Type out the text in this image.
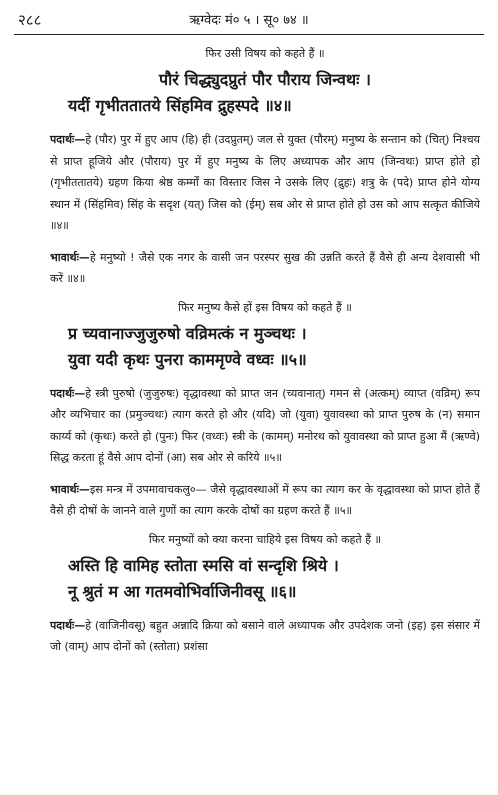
२८८	ऋग्वेदः मं० ५ । सू० ७४ ॥
फिर उसी विषय को कहते हैं ॥

पौरं चिद्ध्युदप्रुतं पौर पौराय जिन्वथः ।

यदीं गृभीततातये सिंहमिव द्रुहस्पदे ॥४॥

पदार्थः—हे (पौर) पुर में हुए आप (हि) ही (उदप्रुतम्) जल से युक्त (पौरम्) मनुष्य के सन्तान को (चित्) निश्चय से प्राप्त हूजिये और (पौराय) पुर में हुए मनुष्य के लिए अध्यापक और आप (जिन्वथः) प्राप्त होते हो (गृभीततातये) ग्रहण किया श्रेष्ठ कर्म्मों का विस्तार जिस ने उसके लिए (द्रुहः) शत्रु के (पदे) प्राप्त होने योग्य स्थान में (सिंहमिव) सिंह के सदृश (यत्) जिस को (ईम्) सब ओर से प्राप्त होते हो उस को आप सत्कृत कीजिये ॥४॥

भावार्थः—हे मनुष्यो ! जैसे एक नगर के वासी जन परस्पर सुख की उन्नति करते हैं वैसे ही अन्य देशवासी भी करें ॥४॥

फिर मनुष्य कैसे हों इस विषय को कहते हैं ॥

प्र च्यवानाज्जुजुरुषो वव्रिमत्कं न मुञ्चथः ।

युवा यदी कृथः पुनरा काममृण्वे वध्वः ॥५॥

पदार्थः—हे स्त्री पुरुषो (जुजुरुषः) वृद्धावस्था को प्राप्त जन (च्यवानात्) गमन से (अत्कम्) व्याप्त (वव्रिम्) रूप और व्यभिचार का (प्रमुञ्चथः) त्याग करते हो और (यदि) जो (युवा) युवावस्था को प्राप्त पुरुष के (न) समान कार्य्य को (कृथः) करते हो (पुनः) फिर (वध्वः) स्त्री के (कामम्) मनोरथ को युवावस्था को प्राप्त हुआ मैं (ऋण्वे) सिद्ध करता हूं वैसे आप दोनों (आ) सब ओर से करिये ॥५॥

भावार्थः—इस मन्त्र में उपमावाचकलु०— जैसे वृद्धावस्थाओं में रूप का त्याग कर के वृद्धावस्था को प्राप्त होते हैं वैसे ही दोषों के जानने वाले गुणों का त्याग करके दोषों का ग्रहण करते हैं ॥५॥

फिर मनुष्यों को क्या करना चाहिये इस विषय को कहते हैं ॥

अस्ति हि वामिह स्तोता स्मसि वां सन्दृशि श्रिये ।

नू श्रुतं म आ गतमवोभिर्वाजिनीवसू ॥६॥

पदार्थः—हे (वाजिनीवसू) बहुत अन्नादि क्रिया को बसाने वाले अध्यापक और उपदेशक जनो (इह) इस संसार में जो (वाम्) आप दोनों को (स्तोता) प्रशंसा
